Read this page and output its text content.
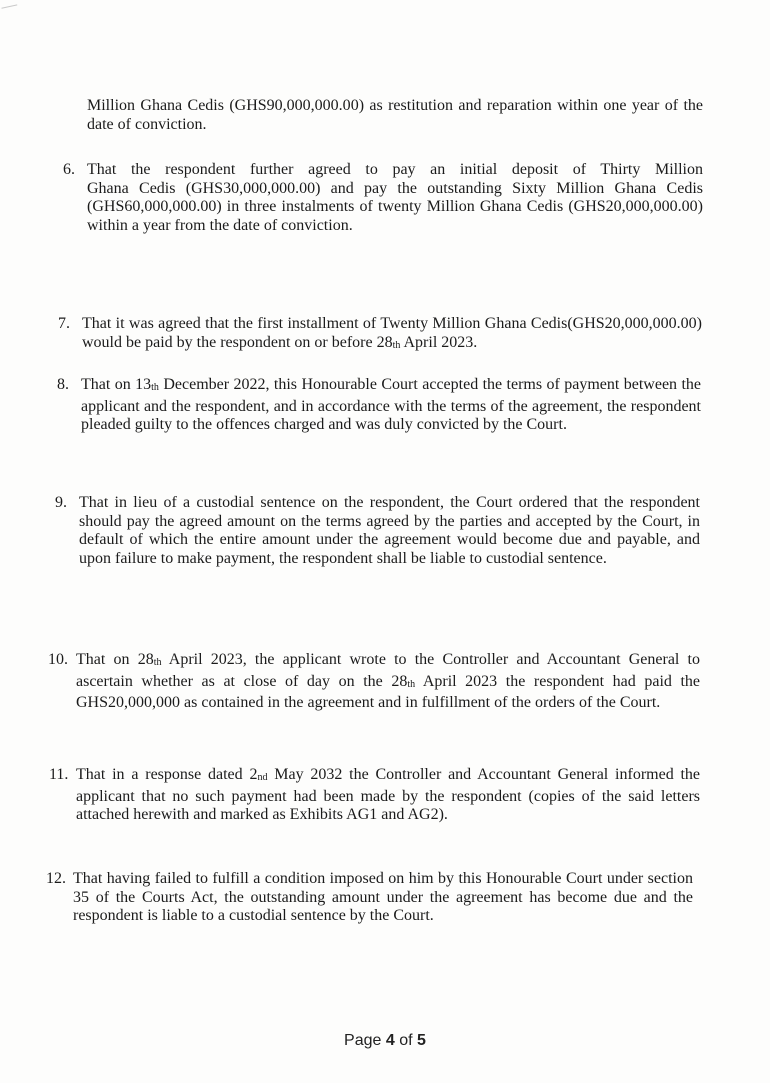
Million Ghana Cedis (GHS90,000,000.00) as restitution and reparation within one year of the date of conviction.
6. That the respondent further agreed to pay an initial deposit of Thirty Million
Ghana Cedis (GHS30,000,000.00) and pay the outstanding Sixty Million Ghana Cedis (GHS60,000,000.00) in three instalments of twenty Million Ghana Cedis (GHS20,000,000.00) within a year from the date of conviction.
7. That it was agreed that the first installment of Twenty Million Ghana Cedis(GHS20,000,000.00) would be paid by the respondent on or before $28_{th}$ April 2023.
8. That on $13_{th}$ December 2022, this Honourable Court accepted the terms of payment between the applicant and the respondent, and in accordance with the terms of the agreement, the respondent pleaded guilty to the offences charged and was duly convicted by the Court.
9. That in lieu of a custodial sentence on the respondent, the Court ordered that the respondent should pay the agreed amount on the terms agreed by the parties and accepted by the Court, in default of which the entire amount under the agreement would become due and payable, and upon failure to make payment, the respondent shall be liable to custodial sentence.
10. That on $28_{th}$ April 2023, the applicant wrote to the Controller and Accountant General to ascertain whether as at close of day on the $28_{th}$ April 2023 the respondent had paid the GHS20,000,000 as contained in the agreement and in fulfillment of the orders of the Court.
11. That in a response dated $2_{nd}$ May 2032 the Controller and Accountant General informed the applicant that no such payment had been made by the respondent (copies of the said letters attached herewith and marked as Exhibits AG1 and AG2).
12. That having failed to fulfill a condition imposed on him by this Honourable Court under section 35 of the Courts Act, the outstanding amount under the agreement has become due and the respondent is liable to a custodial sentence by the Court.
Page 4 of 5
